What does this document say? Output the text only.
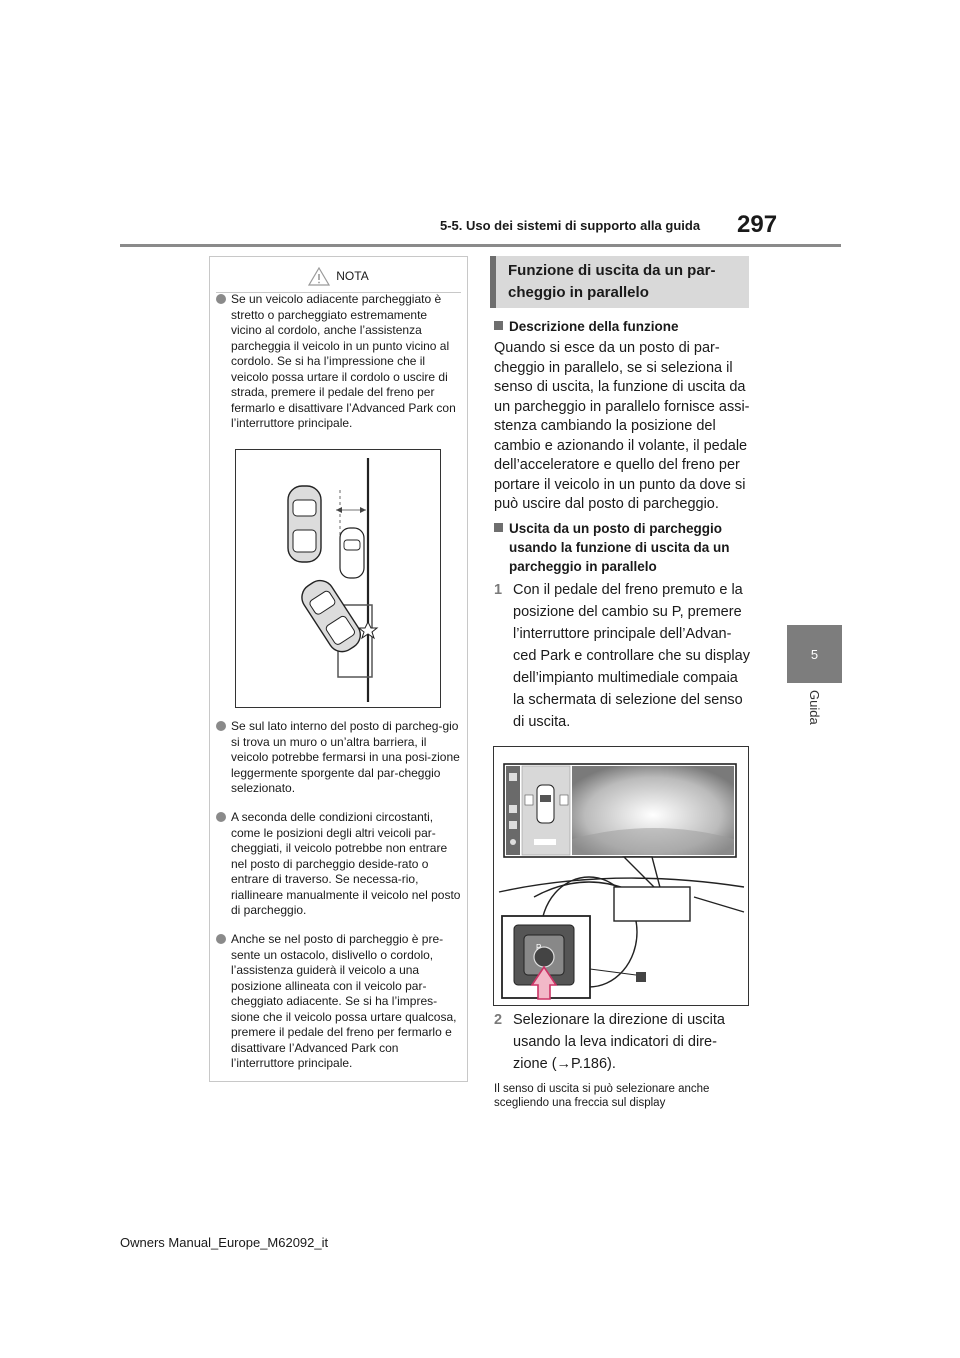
5-5. Uso dei sistemi di supporto alla guida 297
5
Guida
NOTA
Se un veicolo adiacente parcheggiato è stretto o parcheggiato estremamente vicino al cordolo, anche l’assistenza parcheggia il veicolo in un punto vicino al cordolo. Se si ha l’impressione che il veicolo possa urtare il cordolo o uscire di strada, premere il pedale del freno per fermarlo e disattivare l’Advanced Park con l’interruttore principale.
Se sul lato interno del posto di parcheg-gio si trova un muro o un’altra barriera, il veicolo potrebbe fermarsi in una posi-zione leggermente sporgente dal par-cheggio selezionato.
A seconda delle condizioni circostanti, come le posizioni degli altri veicoli par-cheggiati, il veicolo potrebbe non entrare nel posto di parcheggio deside-rato o entrare di traverso. Se necessa-rio, riallineare manualmente il veicolo nel posto di parcheggio.
Anche se nel posto di parcheggio è pre-sente un ostacolo, dislivello o cordolo, l’assistenza guiderà il veicolo a una posizione allineata con il veicolo par-cheggiato adiacente. Se si ha l’impres-sione che il veicolo possa urtare qualcosa, premere il pedale del freno per fermarlo e disattivare l’Advanced Park con l’interruttore principale.
Funzione di uscita da un par-cheggio in parallelo
Descrizione della funzione
Quando si esce da un posto di par-cheggio in parallelo, se si seleziona il senso di uscita, la funzione di uscita da un parcheggio in parallelo fornisce assi-stenza cambiando la posizione del cambio e azionando il volante, il pedale dell’acceleratore e quello del freno per portare il veicolo in un punto da dove si può uscire dal posto di parcheggio.
Uscita da un posto di parcheggio usando la funzione di uscita da un parcheggio in parallelo
1 Con il pedale del freno premuto e la posizione del cambio su P, premere l’interruttore principale dell’Advan-ced Park e controllare che su display dell’impianto multimediale compaia la schermata di selezione del senso di uscita.
P
2 Selezionare la direzione di uscita usando la leva indicatori di dire-zione (→P.186).
Il senso di uscita si può selezionare anche scegliendo una freccia sul display
Owners Manual_Europe_M62092_it
